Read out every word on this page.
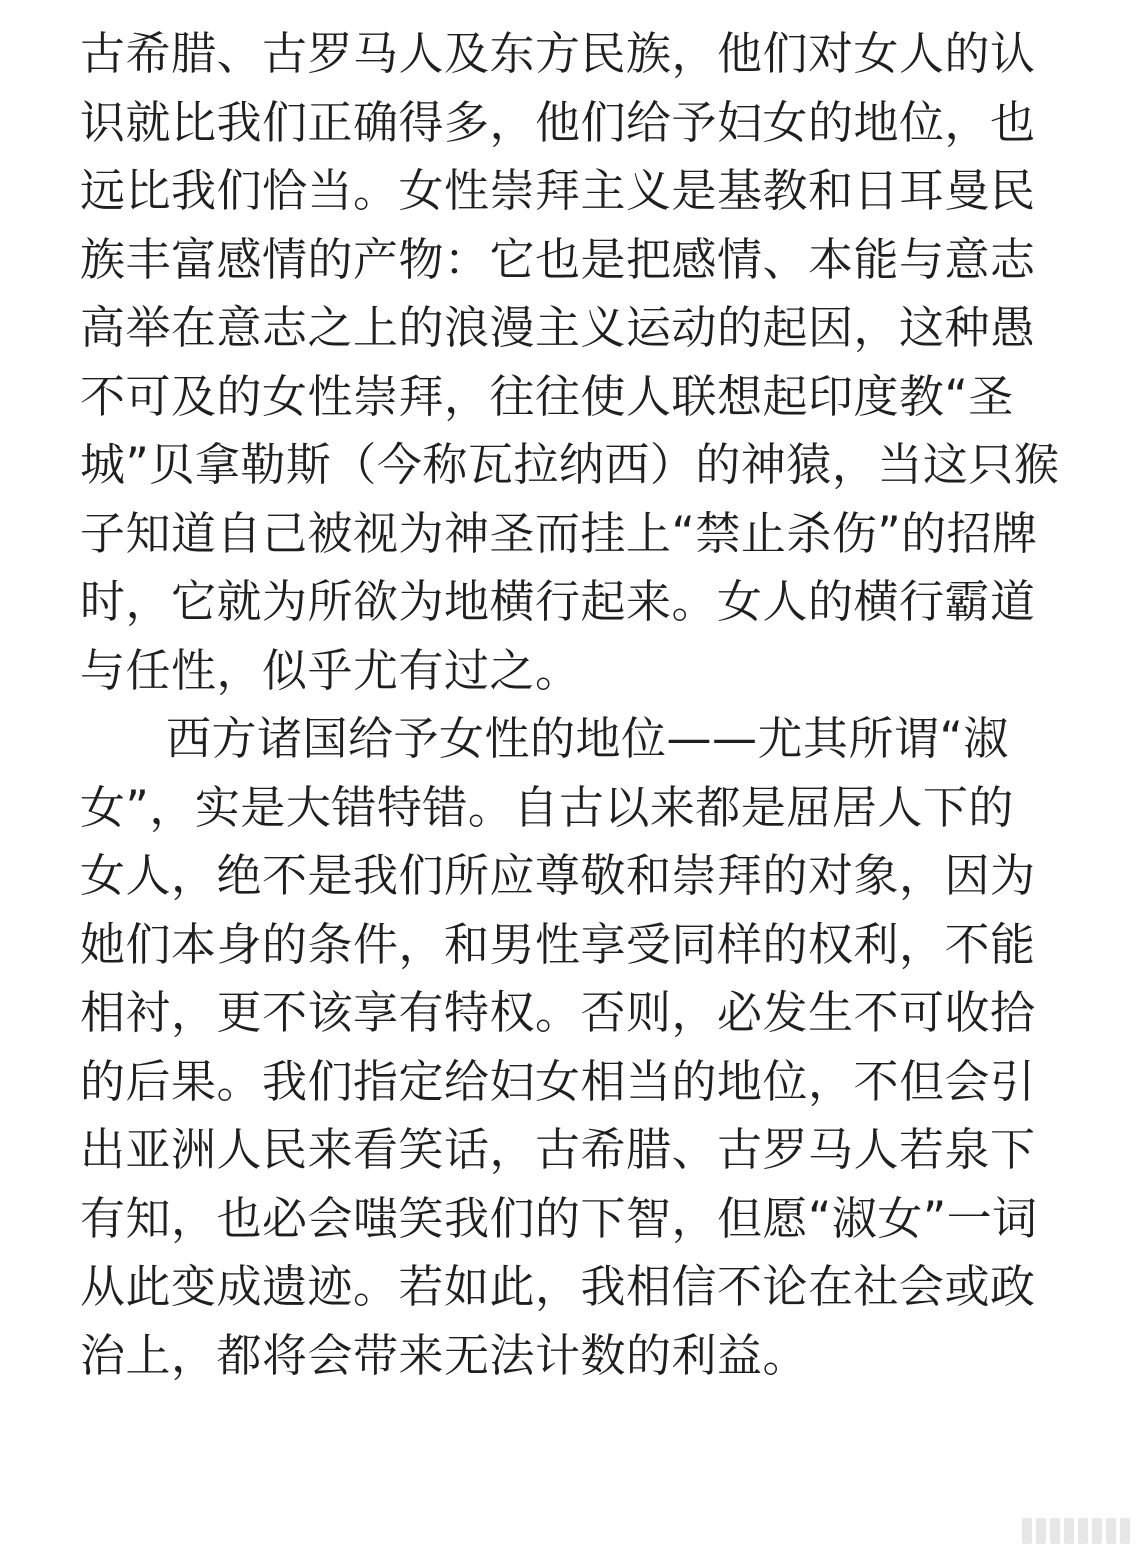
古希腊、古罗马人及东方民族，他们对女人的认
识就比我们正确得多，他们给予妇女的地位，也
远比我们恰当。女性崇拜主义是基教和日耳曼民
族丰富感情的产物：它也是把感情、本能与意志
高举在意志之上的浪漫主义运动的起因，这种愚
不可及的女性崇拜，往往使人联想起印度教“圣
城”贝拿勒斯（今称瓦拉纳西）的神猿，当这只猴
子知道自己被视为神圣而挂上“禁止杀伤”的招牌
时，它就为所欲为地横行起来。女人的横行霸道
与任性，似乎尤有过之。
西方诸国给予女性的地位——尤其所谓“淑
女”，实是大错特错。自古以来都是屈居人下的
女人，绝不是我们所应尊敬和崇拜的对象，因为
她们本身的条件，和男性享受同样的权利，不能
相衬，更不该享有特权。否则，必发生不可收拾
的后果。我们指定给妇女相当的地位，不但会引
出亚洲人民来看笑话，古希腊、古罗马人若泉下
有知，也必会嗤笑我们的下智，但愿“淑女”一词
从此变成遗迹。若如此，我相信不论在社会或政
治上，都将会带来无法计数的利益。
